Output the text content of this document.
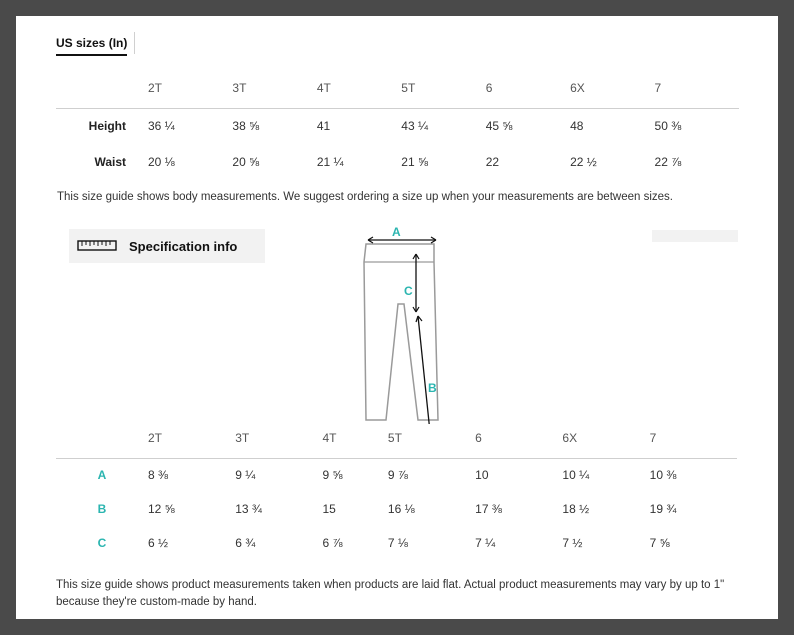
US sizes (In)
	2T	3T	4T	5T	6	6X	7
Height	36 ¼	38 ⅝	41	43 ¼	45 ⅝	48	50 ⅜
Waist	20 ⅛	20 ⅝	21 ¼	21 ⅝	22	22 ½	22 ⅞

This size guide shows body measurements. We suggest ordering a size up when your measurements are between sizes.

Specification info
A
C
B
	2T	3T	4T	5T	6	6X	7
A	8 ⅜	9 ¼	9 ⅝	9 ⅞	10	10 ¼	10 ⅜
B	12 ⅝	13 ¾	15	16 ⅛	17 ⅜	18 ½	19 ¾
C	6 ½	6 ¾	6 ⅞	7 ⅛	7 ¼	7 ½	7 ⅝

This size guide shows product measurements taken when products are laid flat. Actual product measurements may vary by up to 1" because they're custom-made by hand.
